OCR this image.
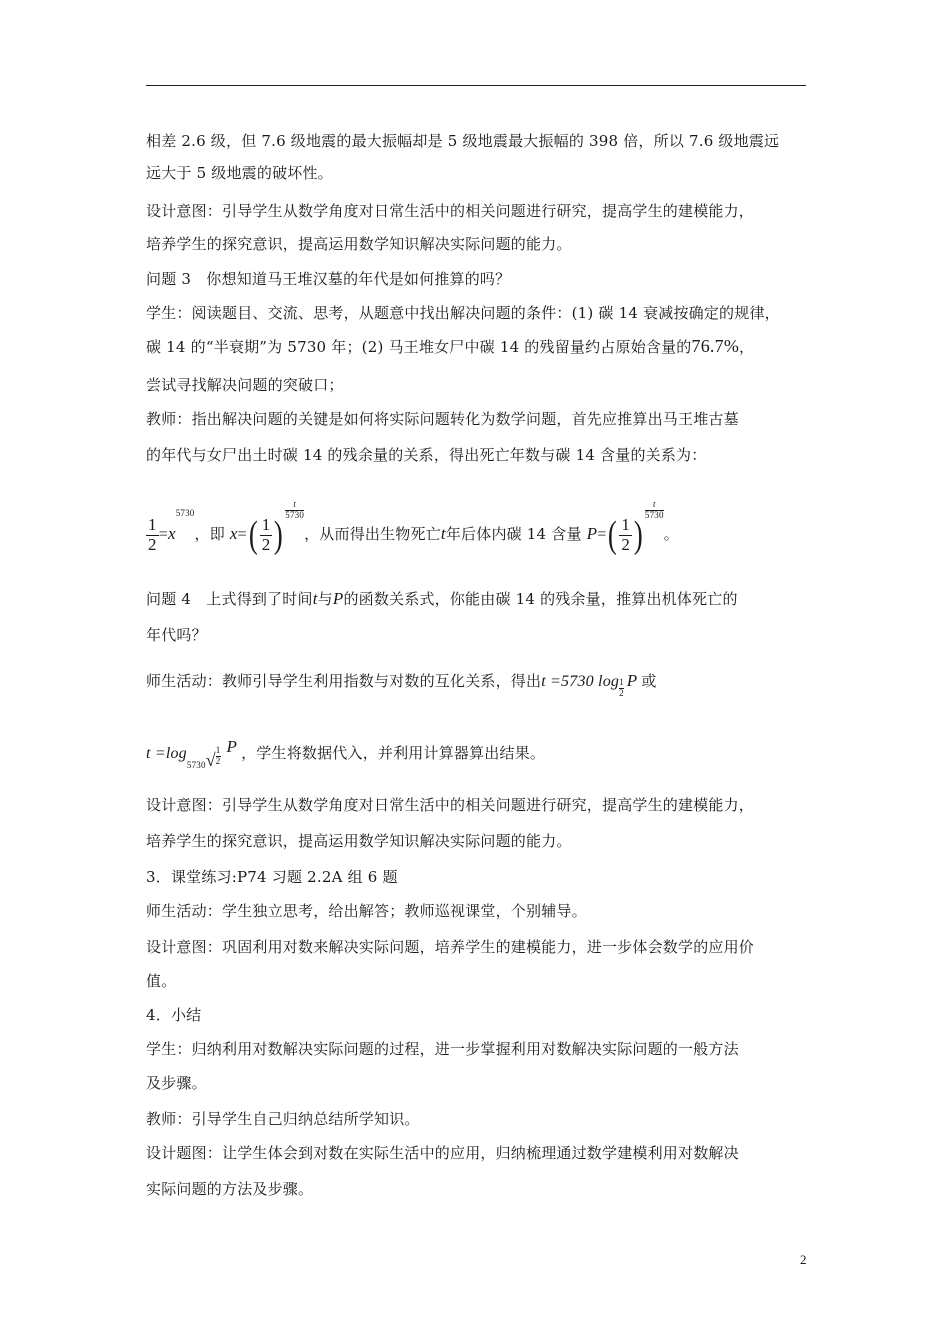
相差 2.6 级，但 7.6 级地震的最大振幅却是 5 级地震最大振幅的 398 倍，所以 7.6 级地震远
远大于 5 级地震的破坏性。
设计意图：引导学生从数学角度对日常生活中的相关问题进行研究，提高学生的建模能力，
培养学生的探究意识，提高运用数学知识解决实际问题的能力。
问题 3　你想知道马王堆汉墓的年代是如何推算的吗？
学生：阅读题目、交流、思考，从题意中找出解决问题的条件：(1) 碳 14 衰减按确定的规律，
碳 14 的“半衰期”为 5730 年；(2) 马王堆女尸中碳 14 的残留量约占原始含量的76.7%，
尝试寻找解决问题的突破口；
教师：指出解决问题的关键是如何将实际问题转化为数学问题，首先应推算出马王堆古墓
的年代与女尸出土时碳 14 的残余量的关系，得出死亡年数与碳 14 含量的关系为：
$\frac{1}{2} =x^{5730}$，即 $x=( \frac{1}{2}$ )
$\frac{t}{5730}$
，从而得出生物死亡t年后体内碳 14 含量 $P=( \frac{1}{2}$ )
$\frac{t}{5730}$
。
问题 4　上式得到了时间t与P的函数关系式，你能由碳 14 的残余量，推算出机体死亡的
年代吗？
师生活动：教师引导学生利用指数与对数的互化关系，得出t =5730 $\log \frac{1}{2}$ P 或
$t =\log_{5730}√ \frac{1}{2}$ P ，学生将数据代入，并利用计算器算出结果。
设计意图：引导学生从数学角度对日常生活中的相关问题进行研究，提高学生的建模能力，
培养学生的探究意识，提高运用数学知识解决实际问题的能力。
3．课堂练习:P74 习题 2.2A 组 6 题
师生活动：学生独立思考，给出解答；教师巡视课堂，个别辅导。
设计意图：巩固利用对数来解决实际问题，培养学生的建模能力，进一步体会数学的应用价
值。
4．小结
学生：归纳利用对数解决实际问题的过程，进一步掌握利用对数解决实际问题的一般方法
及步骤。
教师：引导学生自己归纳总结所学知识。
设计题图：让学生体会到对数在实际生活中的应用，归纳梳理通过数学建模利用对数解决
实际问题的方法及步骤。
2
